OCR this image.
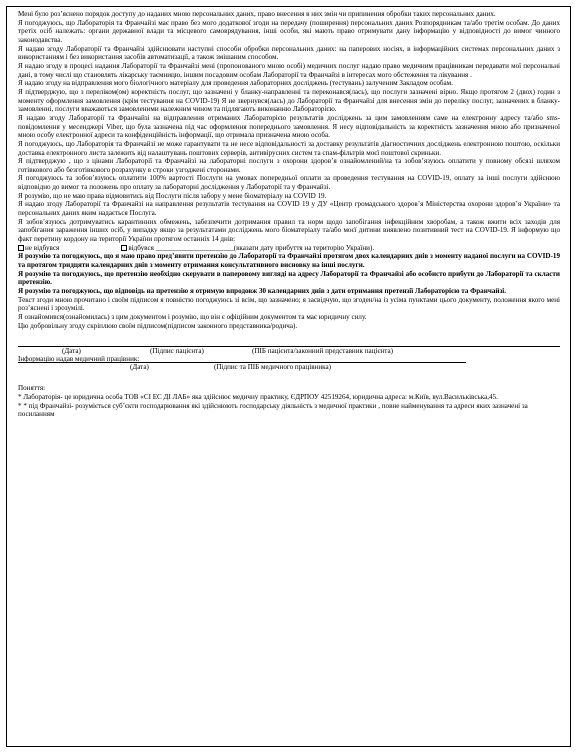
Мені було роз’яснено порядок доступу до наданих мною персональних даних, право внесення в них змін чи припинення обробки таких персональних даних.

Я погоджуюсь, що Лабораторія та Франчайзі має право без мого додаткової згоди на передачу (поширення) персональних даних Розпорядникам та/або третім особам. До даних третіх осіб належать: органи державної влади та місцевого самоврядування, інші особи, які мають право отримувати дану інформацію у відповідності до вимог чинного законодавства.

Я надаю згоду Лабораторії та Франчайзі здійснювати наступні способи обробки персональних даних: на паперових носіях, в інформаційних системах персональних даних з використанням і без використання засобів автоматизації, а також змішаним способом.

Я надаю згоду в процесі надання Лабораторії та Франчайзі мені (пропонованого мною особі) медичних послуг надаю право медичним працівникам передавати мої персональні дані, в тому числі що становлять лікарську таємницю, іншим посадовим особам Лабораторії та Франчайзі в інтересах мого обстеження та лікування .

Я надаю згоду на відправлення мого біологічного матеріалу для проведення лабораторних досліджень (тестувань) залученим Закладом особам.

Я підтверджую, що з переліком(ом) коректність послуг, що зазначені у бланку-направленні та переконався(лась), що послуги зазначені вірно. Якщо протягом 2 (двох) годин з моменту оформлення замовлення (крім тестування на COVID-19) Я не звернувся(лась) до Лабораторії та Франчайзі для внесення змін до переліку послуг, зазначених в бланку-замовленні, послуги вважаються замовленими належним чином та підлягають виконанню Лабораторією.

Я надаю згоду Лабораторії та Франчайзі на відправлення отриманих Лабораторією результатів досліджень за цим замовленням саме на електронну адресу та/або sms-повідомлення у месенджері Viber, що була зазначена під час оформлення попереднього замовлення. Я несу відповідальність за коректність зазначення мною або призначеної мною особу електронної адреси та конфіденційність інформації, що отримала призначена мною особа.

Я погоджуюсь, що Лабораторія та Франчайзі не може гарантувати та не несе відповідальності за доставку результатів діагностичних досліджень електронною поштою, оскільки доставка електронного листа залежить від налаштувань поштових серверів, антивірусних систем та спам-фільтрів моєї поштової скриньки.

Я підтверджую , що з цінами Лабораторії та Франчайзі на лабораторні послуги з охорони здоров’я ознайомлений/на та зобов’язуюсь оплатити у повному обсязі шляхом готівкового або безготівкового розрахунку в строки узгоджені сторонами.

Я погоджуюсь та зобов’язуюсь оплатити 100% вартості Послуги на умовах попередньої оплати за проведення тестування на COVID-19, оплату за інші послуги здійснюю відповідно до вимог та положень про оплату за лабораторні дослідження у Лабораторії та у Франчайзі.

Я розумію, що не маю права відмовитись від Послуги після забору у мене біоматеріалу на COVID 19.

Я надаю згоду Лабораторії та Франчайзі на направлення результатів тестування на COVID 19 у ДУ «Центр громадського здоров’я Міністерства охорони здоров’я України» та персональних даних яким надається Послуга.

Я зобов’язуюсь дотримуватись карантинних обмежень, забезпечити дотримання правил та норм щодо запобігання інфекційним хворобам, а також вжити всіх заходів для запобігання зараження інших осіб, у випадку якщо за результатами досліджень мого біоматеріалу та/або моєї дитини виявлено позитивний тест на COVID-19. Я інформую що факт перетину кордону на території України протягом останніх 14 днів:

не відбувся	відбувся ______________________(вказати дату прибуття на територію України).

Я розумію та погоджуюсь, що я маю право пред’явити претензію до Лабораторії та Франчайзі протягом двох календарних днів з моменту наданої послуги на COVID-19 та протягом тридцяти календарних днів з моменту отримання консультативного висновку на інші послуги.

Я розумію та погоджуюсь, що претензію необхідно скерувати в паперовому вигляді на адресу Лабораторії та Франчайзі або особисто прибути до Лабораторії та скласти претензію.

Я розумію та погоджуюсь, що відповідь на претензію я отримую впродовж 30 календарних днів з дати отримання претензії Лабораторією та Франчайзі.

Текст згоди мною прочитано і своїм підписом я повністю погоджуюсь зі всім, що зазначено; я засвідчую, що згоден/на із усіма пунктами цього документу, положення якого мені роз’яснені і зрозумілі.

Я ознайомився(ознайомилась) з цим документом і розумію, що він є офіційним документом та має юридичну силу.

Цю добровільну згоду скріплюю своїм підписом(підписом законного представника/родича).

(Дата)	(Підпис пацієнта)	(ПІБ пацієнта/законний представник пацієнта)
Інформацію надав медичний працівник:
(Дата)	(Підпис та ПІБ медичного працівника)

Поняття:

* Лабораторія- це юридична особа ТОВ «СІ ЕС ДІ ЛАБ» яка здійснює медичну практику, ЄДРПОУ 42519264, юридична адреса: м.Київ, вул.Васильківська,45.

* * під Франчайзі- розуміється суб’єкти господарювання які здійснюють господарську діяльність з медичної практики , повне найменування та адреси яких зазначені за посиланням
